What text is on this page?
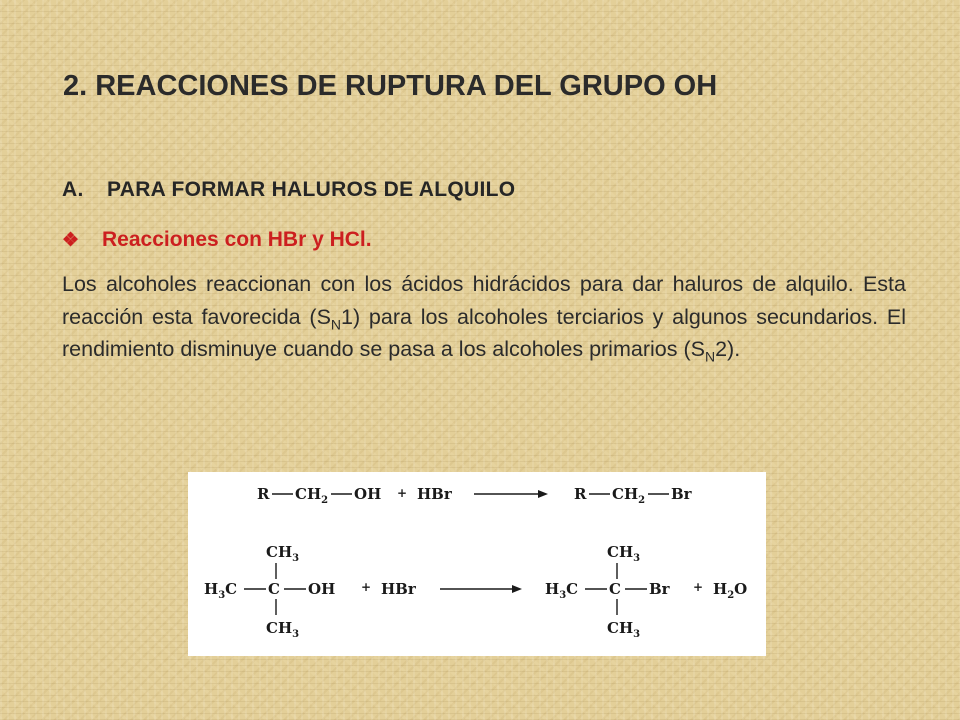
2. REACCIONES DE RUPTURA DEL GRUPO OH
A. PARA FORMAR HALUROS DE ALQUILO
❖	Reacciones con HBr y HCl.

Los alcoholes reaccionan con los ácidos hidrácidos para dar haluros de alquilo. Esta reacción esta favorecida $(S_N1)$ para los alcoholes terciarios y algunos secundarios. El rendimiento disminuye cuando se pasa a los alcoholes primarios $(S_N2)$.

R $CH_2$ OH + HBr	R $CH_2$ Br
$CH_3$
$H_3C$ C OH
$CH_3$
+ HBr
$CH_3$
$H_3C$ C Br
$CH_3$
+ $H_2O$
